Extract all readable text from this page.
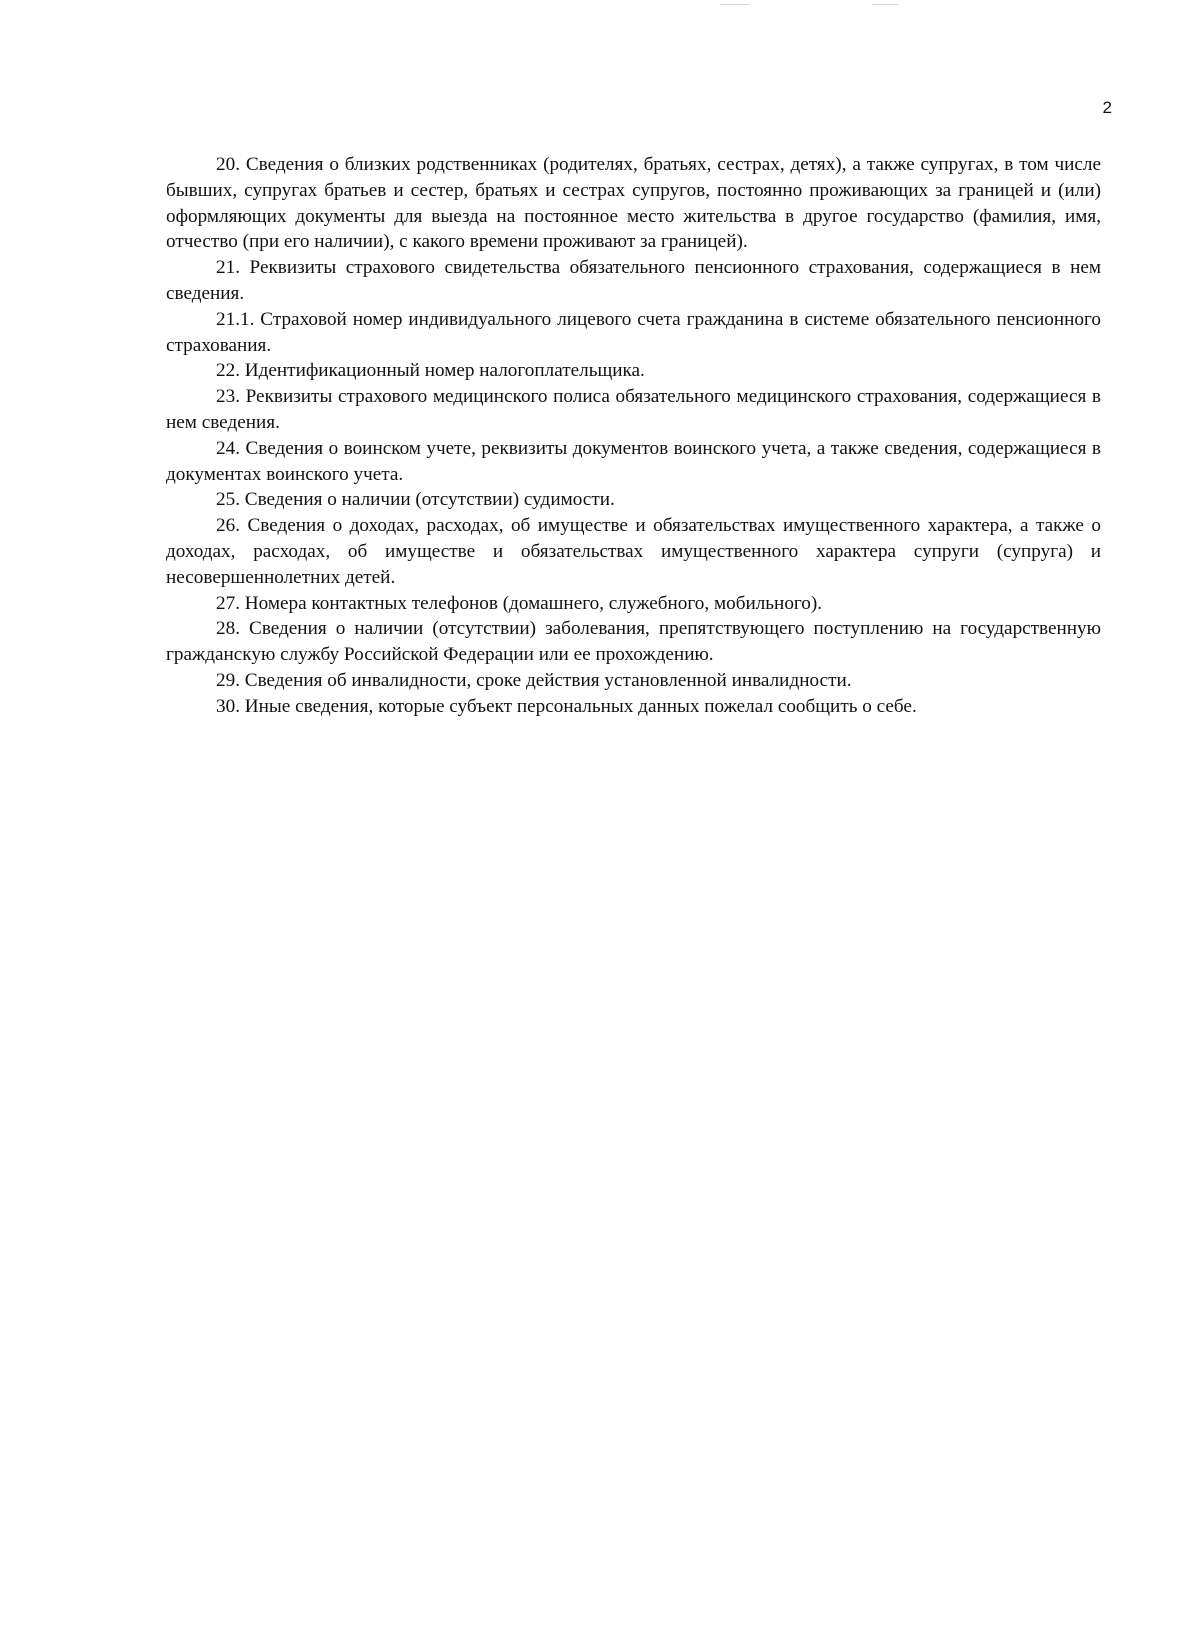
2

20. Сведения о близких родственниках (родителях, братьях, сестрах, детях), а также супругах, в том числе бывших, супругах братьев и сестер, братьях и сестрах супругов, постоянно проживающих за границей и (или) оформляющих документы для выезда на постоянное место жительства в другое государство (фамилия, имя, отчество (при его наличии), с какого времени проживают за границей).

21. Реквизиты страхового свидетельства обязательного пенсионного страхования, содержащиеся в нем сведения.

21.1. Страховой номер индивидуального лицевого счета гражданина в системе обязательного пенсионного страхования.

22. Идентификационный номер налогоплательщика.

23. Реквизиты страхового медицинского полиса обязательного медицинского страхования, содержащиеся в нем сведения.

24. Сведения о воинском учете, реквизиты документов воинского учета, а также сведения, содержащиеся в документах воинского учета.

25. Сведения о наличии (отсутствии) судимости.

26. Сведения о доходах, расходах, об имуществе и обязательствах имущественного характера, а также о доходах, расходах, об имуществе и обязательствах имущественного характера супруги (супруга) и несовершеннолетних детей.

27. Номера контактных телефонов (домашнего, служебного, мобильного).

28. Сведения о наличии (отсутствии) заболевания, препятствующего поступлению на государственную гражданскую службу Российской Федерации или ее прохождению.

29. Сведения об инвалидности, сроке действия установленной инвалидности.

30. Иные сведения, которые субъект персональных данных пожелал сообщить о себе.
